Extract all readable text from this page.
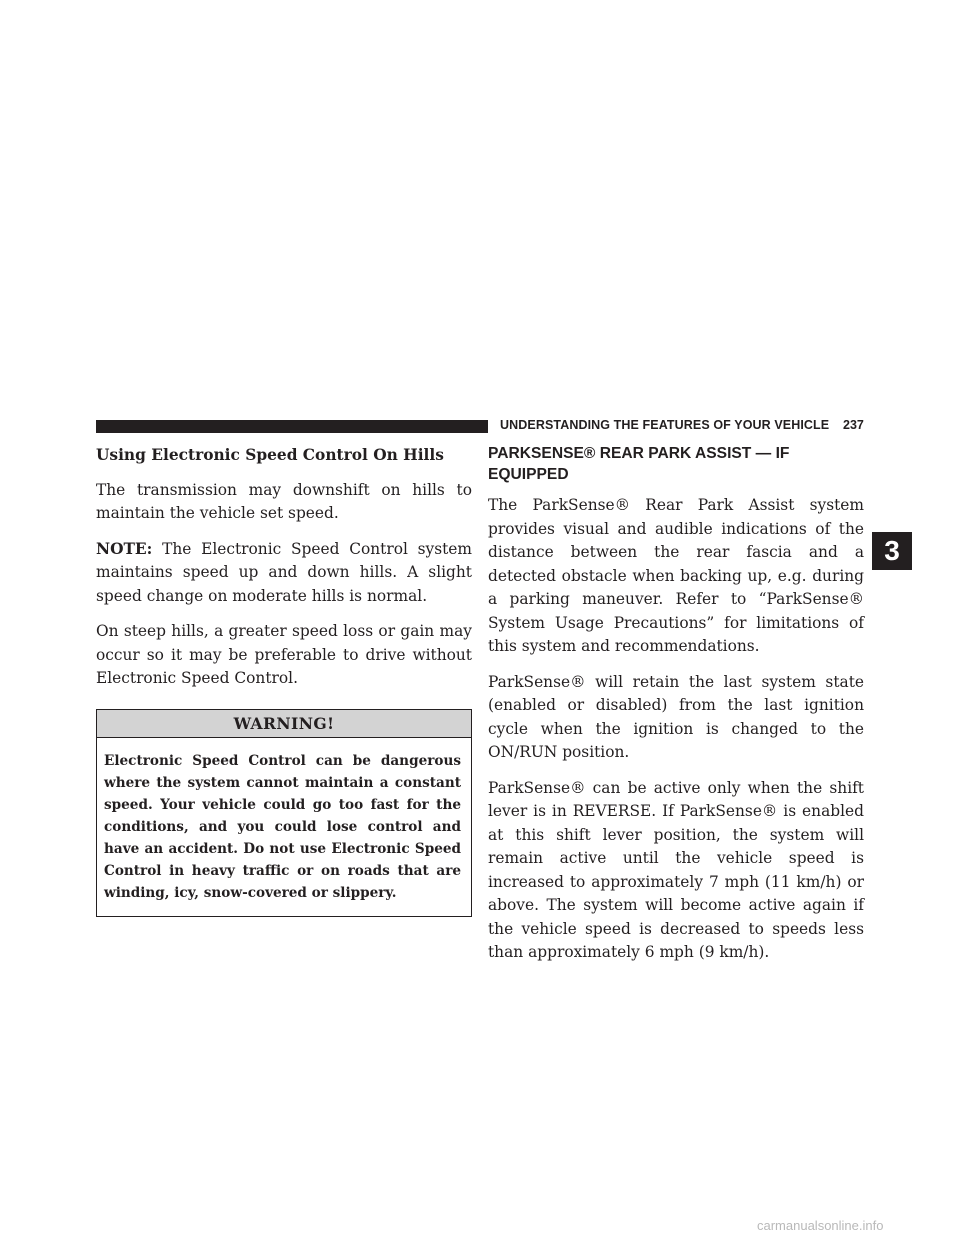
UNDERSTANDING THE FEATURES OF YOUR VEHICLE 237
Using Electronic Speed Control On Hills

The transmission may downshift on hills to maintain the vehicle set speed.

NOTE: The Electronic Speed Control system maintains speed up and down hills. A slight speed change on moderate hills is normal.

On steep hills, a greater speed loss or gain may occur so it may be preferable to drive without Electronic Speed Control.

WARNING!
Electronic Speed Control can be dangerous where the system cannot maintain a constant speed. Your vehicle could go too fast for the conditions, and you could lose control and have an accident. Do not use Electronic Speed Control in heavy traffic or on roads that are winding, icy, snow-covered or slippery.
PARKSENSE® REAR PARK ASSIST — IF EQUIPPED

The ParkSense® Rear Park Assist system provides visual and audible indications of the distance between the rear fascia and a detected obstacle when backing up, e.g. during a parking maneuver. Refer to “ParkSense® System Usage Precautions” for limitations of this system and recommendations.

ParkSense® will retain the last system state (enabled or disabled) from the last ignition cycle when the ignition is changed to the ON/RUN position.

ParkSense® can be active only when the shift lever is in REVERSE. If ParkSense® is enabled at this shift lever position, the system will remain active until the vehicle speed is increased to approximately 7 mph (11 km/h) or above. The system will become active again if the vehicle speed is decreased to speeds less than approximately 6 mph (9 km/h).

3
carmanualsonline.info
